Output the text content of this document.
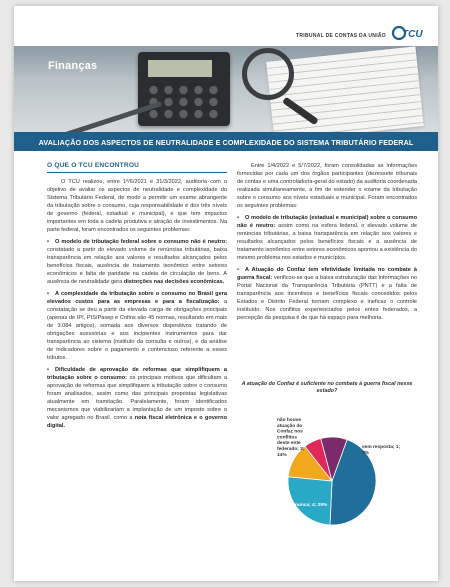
TRIBUNAL DE CONTAS DA UNIÃO TCU
Finanças
AVALIAÇÃO DOS ASPECTOS DE NEUTRALIDADE E COMPLEXIDADE DO SISTEMA TRIBUTÁRIO FEDERAL
O QUE O TCU ENCONTROU

O TCU realizou, entre 1º/6/2021 e 31/3/2022, auditoria com o objetivo de avaliar os aspectos de neutralidade e complexidade do Sistema Tributário Federal, de modo a permitir um exame abrangente da tributação sobre o consumo, cuja responsabilidade é dos três níveis de governo (federal, estadual e municipal), e que tem impactos importantes em toda a cadeia produtiva e atração de investimentos. Na parte federal, foram encontrados os seguintes problemas:

• O modelo de tributação federal sobre o consumo não é neutro: constatado a partir do elevado volume de renúncias tributárias, baixa transparência em relação aos valores e resultados alcançados pelos benefícios fiscais, ausência de tratamento isonômico entre setores econômicos e falta de paridade na cadeia de circulação de bens. A ausência de neutralidade gera distorções nas decisões econômicas.

• A complexidade da tributação sobre o consumo no Brasil gera elevados custos para as empresas e para a fiscalização: a constatação se deu a partir da elevada carga de obrigações principais (apenas de IPI, PIS/Pasep e Cofins são 45 normas, resultando em mais de 3.084 artigos), somada aos diversos dispositivos tratando de obrigações acessórias e aos incipientes instrumentos para dar transparência ao sistema (instituto da consulta e outros), e da análise de indicadores sobre o pagamento e contencioso referente a esses tributos.

• Dificuldade de aprovação de reformas que simplifiquem a tributação sobre o consumo: os principais motivos que dificultam a aprovação de reformas que simplifiquem a tributação sobre o consumo foram analisados, assim como das principais propostas legislativas atualmente em tramitação. Paralelamente, foram identificados mecanismos que viabilizariam a implantação de um imposto sobre o valor agregado no Brasil, como a nota fiscal eletrônica e o governo digital.

Entre 1/4/2022 e 5/7/2022, foram consolidadas as informações fornecidas por cada um dos órgãos participantes (dezessete tribunais de contas e uma controladoria-geral do estado) da auditoria coordenada realizada simultaneamente, a fim de estender o exame da tributação sobre o consumo aos níveis estaduais e municipal. Foram encontrados os seguintes problemas:

• O modelo de tributação (estadual e municipal) sobre o consumo não é neutro: assim como na esfera federal, o elevado volume de renúncias tributárias, a baixa transparência em relação aos valores e resultados alcançados pelos benefícios fiscais e a ausência de tratamento isonômico entre setores econômicos apontou a existência do mesmo problema nos estados e municípios.

• A Atuação do Confaz tem efetividade limitada no combate à guerra fiscal: verificou-se que a baixa estruturação das informações no Portal Nacional da Transparência Tributária (PNTT) e a falta de transparência aos incentivos e benefícios fiscais concedidos pelos Estados e Distrito Federal tornam complexo e ineficaz o controle instituído. Nos conflitos experienciados pelos entes federados, a percepção da pesquisa é de que há espaço para melhoria.

A atuação do Confaz é suficiente no combate à guerra fiscal nesse estado?
às vezes; 7; 39%
nunca; 4; 29%
não houve atuação do Confaz nos conflitos deste ente federado; 2; 14%
sem resposta; 1; 7%
